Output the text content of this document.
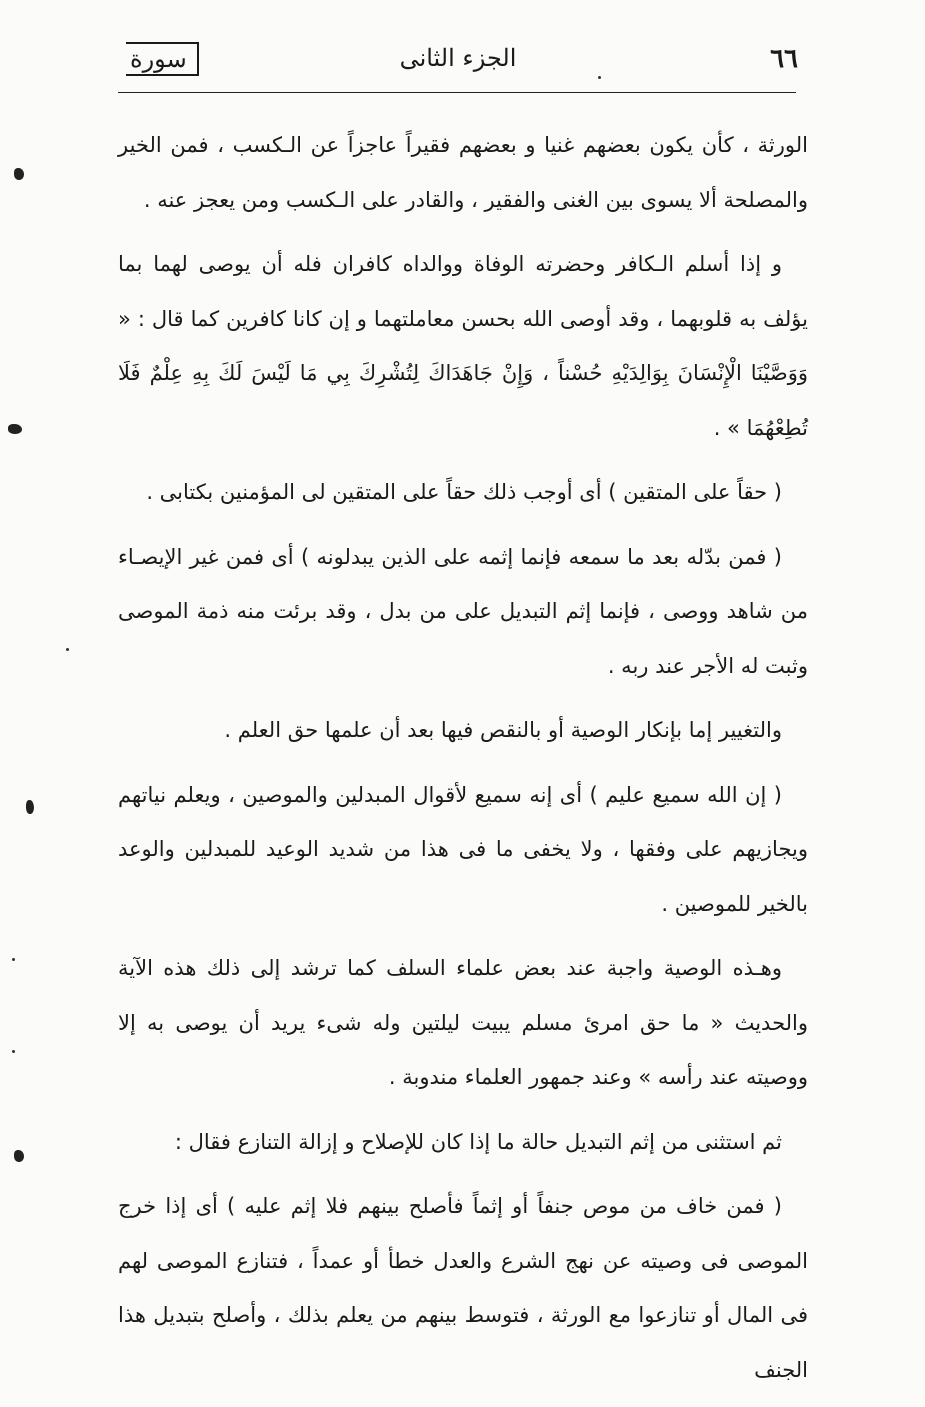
٦٦
الجزء الثانى
سورة

الورثة ، كأن يكون بعضهم غنيا و بعضهم فقيراً عاجزاً عن الـكسب ، فمن الخير والمصلحة ألا يسوى بين الغنى والفقير ، والقادر على الـكسب ومن يعجز عنه .

و إذا أسلم الـكافر وحضرته الوفاة ووالداه كافران فله أن يوصى لهما بما يؤلف به قلوبهما ، وقد أوصى الله بحسن معاملتهما و إن كانا كافرين كما قال : « وَوَصَّيْنَا الْإِنْسَانَ بِوَالِدَيْهِ حُسْناً ، وَإِنْ جَاهَدَاكَ لِتُشْرِكَ بِي مَا لَيْسَ لَكَ بِهِ عِلْمٌ فَلَا تُطِعْهُمَا » .

( حقاً على المتقين ) أى أوجب ذلك حقاً على المتقين لى المؤمنين بكتابى .

( فمن بدّله بعد ما سمعه فإنما إثمه على الذين يبدلونه ) أى فمن غير الإيصـاء من شاهد ووصى ، فإنما إثم التبديل على من بدل ، وقد برئت منه ذمة الموصى وثبت له الأجر عند ربه .

والتغيير إما بإنكار الوصية أو بالنقص فيها بعد أن علمها حق العلم .

( إن الله سميع عليم ) أى إنه سميع لأقوال المبدلين والموصين ، ويعلم نياتهم ويجازيهم على وفقها ، ولا يخفى ما فى هذا من شديد الوعيد للمبدلين والوعد بالخير للموصين .

وهـذه الوصية واجبة عند بعض علماء السلف كما ترشد إلى ذلك هذه الآية والحديث « ما حق امرئ مسلم يبيت ليلتين وله شىء يريد أن يوصى به إلا ووصيته عند رأسه » وعند جمهور العلماء مندوبة .

ثم استثنى من إثم التبديل حالة ما إذا كان للإصلاح و إزالة التنازع فقال :

( فمن خاف من موص جنفاً أو إثماً فأصلح بينهم فلا إثم عليه ) أى إذا خرج الموصى فى وصيته عن نهج الشرع والعدل خطأ أو عمداً ، فتنازع الموصى لهم فى المال أو تنازعوا مع الورثة ، فتوسط بينهم من يعلم بذلك ، وأصلح بتبديل هذا الجنف
